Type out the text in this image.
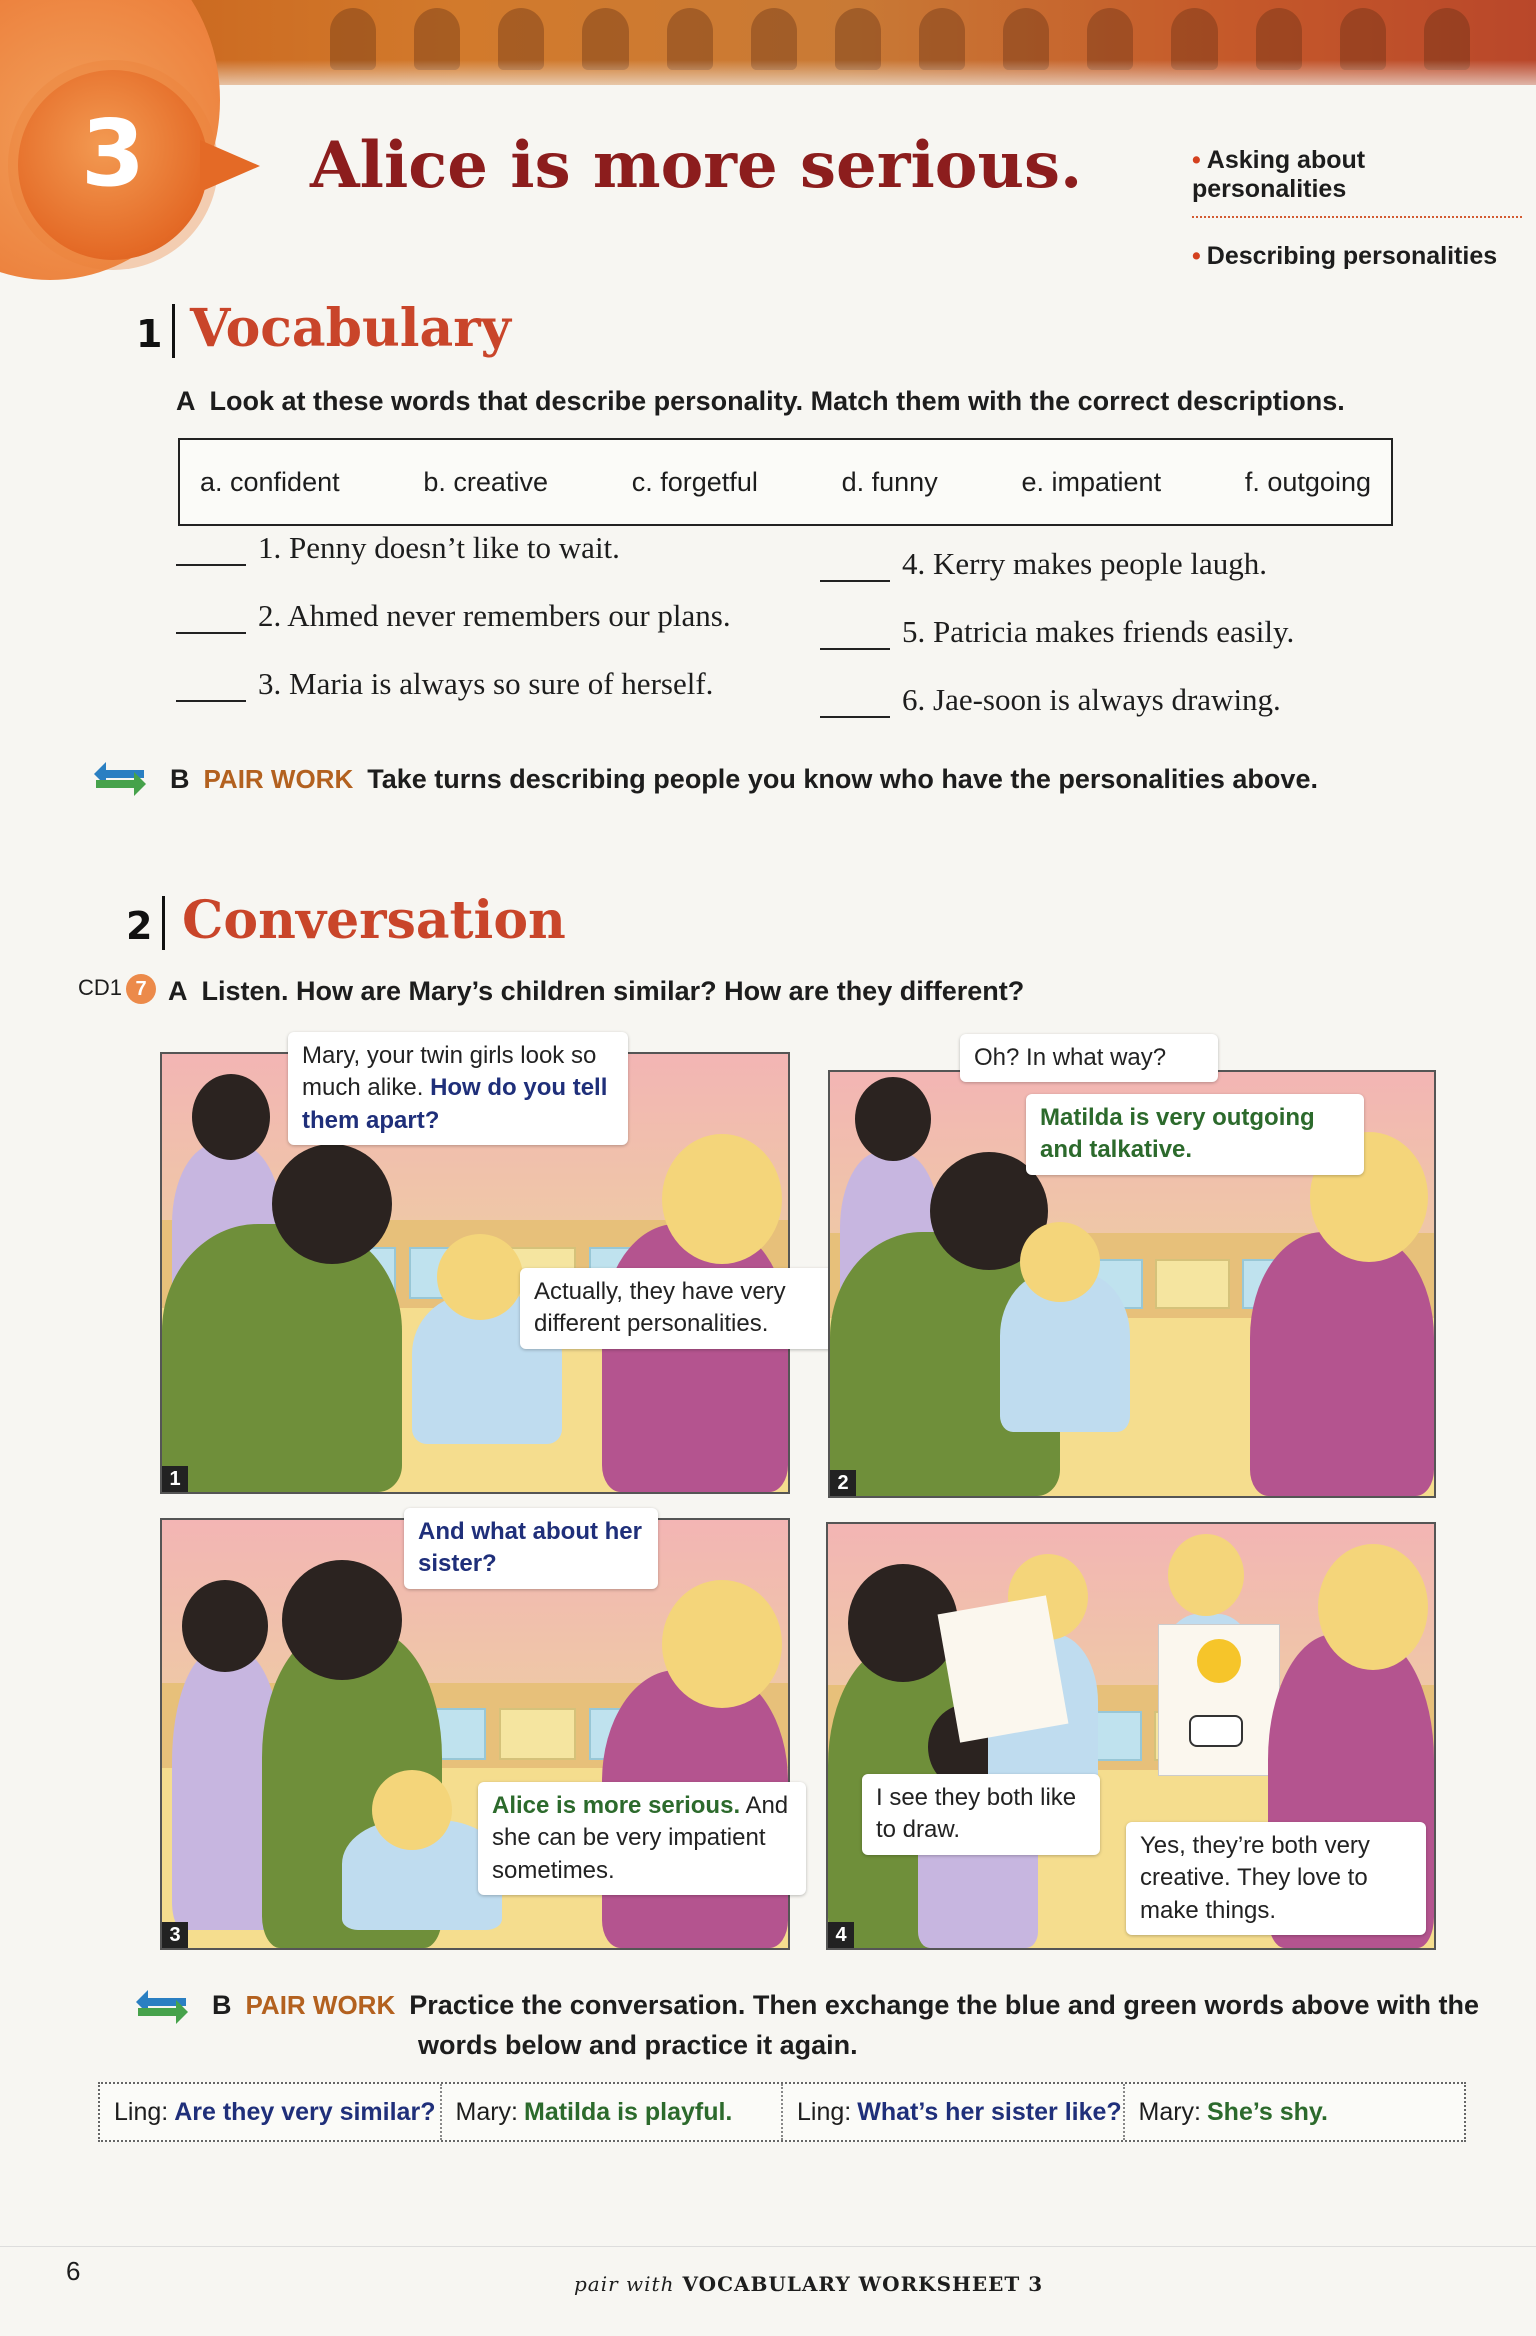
3	Alice is more serious.	• Asking about personalities
• Describing personalities
1 Vocabulary
A Look at these words that describe personality. Match them with the correct descriptions.
a. confident	b. creative	c. forgetful	d. funny	e. impatient	f. outgoing
1. Penny doesn’t like to wait.
2. Ahmed never remembers our plans.
3. Maria is always so sure of herself.
4. Kerry makes people laugh.
5. Patricia makes friends easily.
6. Jae-soon is always drawing.
B PAIR WORK Take turns describing people you know who have the personalities above.
2 Conversation
CD1 7 A Listen. How are Mary’s children similar? How are they different?
1
Mary, your twin girls look so much alike. How do you tell them apart?
Actually, they have very different personalities.
2
Oh? In what way?
Matilda is very outgoing and talkative.
3
And what about her sister?
Alice is more serious. And she can be very impatient sometimes.
4
I see they both like to draw.
Yes, they’re both very creative. They love to make things.
B PAIR WORK Practice the conversation. Then exchange the blue and green words above with the
words below and practice it again.
Ling: Are they very similar? Mary: Matilda is playful.	Ling: What’s her sister like? Mary: She’s shy.
6	pair with VOCABULARY WORKSHEET 3
